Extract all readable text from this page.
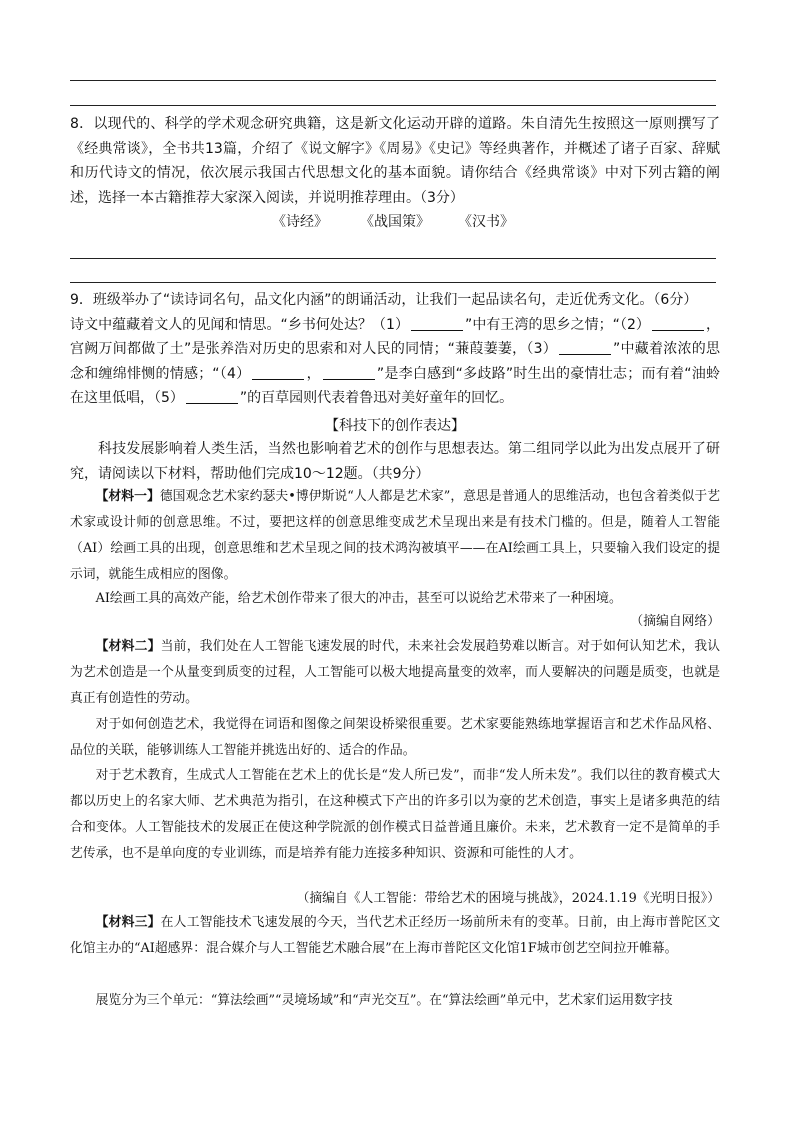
8．以现代的、科学的学术观念研究典籍，这是新文化运动开辟的道路。朱自清先生按照这一原则撰写了《经典常谈》，全书共13篇，介绍了《说文解字》《周易》《史记》等经典著作，并概述了诸子百家、辞赋和历代诗文的情况，依次展示我国古代思想文化的基本面貌。请你结合《经典常谈》中对下列古籍的阐述，选择一本古籍推荐大家深入阅读，并说明推荐理由。（3分）

《诗经》 《战国策》 《汉书》

9．班级举办了“读诗词名句，品文化内涵”的朗诵活动，让我们一起品读名句，走近优秀文化。（6分）
诗文中蕴藏着文人的见闻和情思。“乡书何处达？（1）	”中有王湾的思乡之情；“（2）	，宫阙万间都做了土”是张养浩对历史的思索和对人民的同情；“蒹葭萋萋，（3）	”中藏着浓浓的思念和缠绵悱恻的情感；“（4）	，	”是李白感到“多歧路”时生出的豪情壮志；而有着“油蛉在这里低唱，（5）	”的百草园则代表着鲁迅对美好童年的回忆。

【科技下的创作表达】

科技发展影响着人类生活，当然也影响着艺术的创作与思想表达。第二组同学以此为出发点展开了研究，请阅读以下材料，帮助他们完成10～12题。（共9分）

【材料一】德国观念艺术家约瑟夫•博伊斯说“人人都是艺术家”，意思是普通人的思维活动，也包含着类似于艺术家或设计师的创意思维。不过，要把这样的创意思维变成艺术呈现出来是有技术门槛的。但是，随着人工智能（AI）绘画工具的出现，创意思维和艺术呈现之间的技术鸿沟被填平——在AI绘画工具上，只要输入我们设定的提示词，就能生成相应的图像。

AI绘画工具的高效产能，给艺术创作带来了很大的冲击，甚至可以说给艺术带来了一种困境。

（摘编自网络）

【材料二】当前，我们处在人工智能飞速发展的时代，未来社会发展趋势难以断言。对于如何认知艺术，我认为艺术创造是一个从量变到质变的过程，人工智能可以极大地提高量变的效率，而人要解决的问题是质变，也就是真正有创造性的劳动。

对于如何创造艺术，我觉得在词语和图像之间架设桥梁很重要。艺术家要能熟练地掌握语言和艺术作品风格、品位的关联，能够训练人工智能并挑选出好的、适合的作品。

对于艺术教育，生成式人工智能在艺术上的优长是“发人所已发”，而非“发人所未发”。我们以往的教育模式大都以历史上的名家大师、艺术典范为指引，在这种模式下产出的许多引以为豪的艺术创造，事实上是诸多典范的结合和变体。人工智能技术的发展正在使这种学院派的创作模式日益普通且廉价。未来，艺术教育一定不是简单的手艺传承，也不是单向度的专业训练，而是培养有能力连接多种知识、资源和可能性的人才。

（摘编自《人工智能：带给艺术的困境与挑战》，2024.1.19《光明日报》）

【材料三】在人工智能技术飞速发展的今天，当代艺术正经历一场前所未有的变革。日前，由上海市普陀区文化馆主办的“AI超感界：混合媒介与人工智能艺术融合展”在上海市普陀区文化馆1F城市创艺空间拉开帷幕。

展览分为三个单元：“算法绘画”“灵境场域”和“声光交互”。在“算法绘画”单元中，艺术家们运用数字技
